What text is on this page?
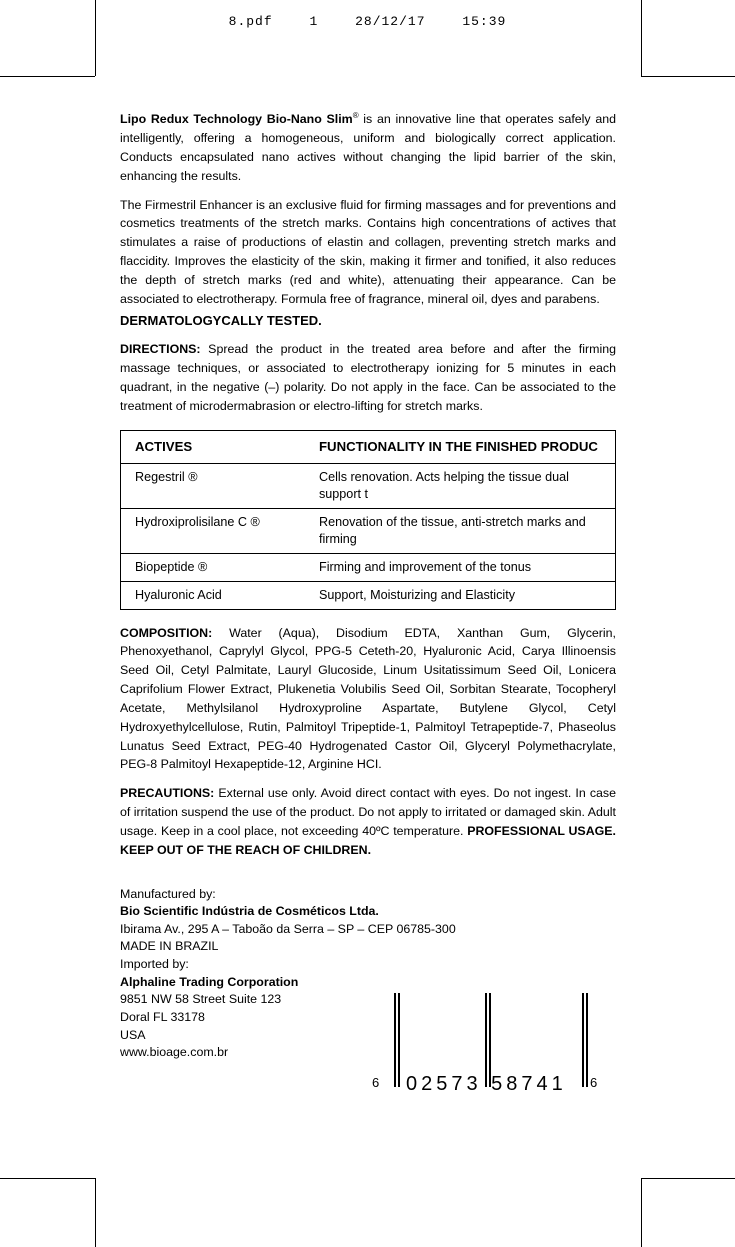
8.pdf	1	28/12/17	15:39

Lipo Redux Technology Bio-Nano Slim® is an innovative line that operates safely and intelligently, offering a homogeneous, uniform and biologically correct application. Conducts encapsulated nano actives without changing the lipid barrier of the skin, enhancing the results.

The Firmestril Enhancer is an exclusive fluid for firming massages and for preventions and cosmetics treatments of the stretch marks. Contains high concentrations of actives that stimulates a raise of productions of elastin and collagen, preventing stretch marks and flaccidity. Improves the elasticity of the skin, making it firmer and tonified, it also reduces the depth of stretch marks (red and white), attenuating their appearance. Can be associated to electrotherapy. Formula free of fragrance, mineral oil, dyes and parabens.
DERMATOLOGYCALLY TESTED.

DIRECTIONS: Spread the product in the treated area before and after the firming massage techniques, or associated to electrotherapy ionizing for 5 minutes in each quadrant, in the negative (–) polarity. Do not apply in the face. Can be associated to the treatment of microdermabrasion or electro-lifting for stretch marks.

ACTIVES	FUNCTIONALITY IN THE FINISHED PRODUC
Regestril ®	Cells renovation. Acts helping the tissue dual support t
Hydroxiprolisilane C ®	Renovation of the tissue, anti-stretch marks and firming
Biopeptide ®	Firming and improvement of the tonus
Hyaluronic Acid	Support, Moisturizing and Elasticity

COMPOSITION: Water (Aqua), Disodium EDTA, Xanthan Gum, Glycerin, Phenoxyethanol, Caprylyl Glycol, PPG-5 Ceteth-20, Hyaluronic Acid, Carya Illinoensis Seed Oil, Cetyl Palmitate, Lauryl Glucoside, Linum Usitatissimum Seed Oil, Lonicera Caprifolium Flower Extract, Plukenetia Volubilis Seed Oil, Sorbitan Stearate, Tocopheryl Acetate, Methylsilanol Hydroxyproline Aspartate, Butylene Glycol, Cetyl Hydroxyethylcellulose, Rutin, Palmitoyl Tripeptide-1, Palmitoyl Tetrapeptide-7, Phaseolus Lunatus Seed Extract, PEG-40 Hydrogenated Castor Oil, Glyceryl Polymethacrylate, PEG-8 Palmitoyl Hexapeptide-12, Arginine HCI.

PRECAUTIONS: External use only. Avoid direct contact with eyes. Do not ingest. In case of irritation suspend the use of the product. Do not apply to irritated or damaged skin. Adult usage. Keep in a cool place, not exceeding 40ºC temperature. PROFESSIONAL USAGE. KEEP OUT OF THE REACH OF CHILDREN.

Manufactured by:
Bio Scientific Indústria de Cosméticos Ltda.
Ibirama Av., 295 A – Taboão da Serra – SP – CEP 06785-300
MADE IN BRAZIL
Imported by:
Alphaline Trading Corporation
9851 NW 58 Street Suite 123
Doral FL 33178
USA
www.bioage.com.br
6 02573 58741 6
